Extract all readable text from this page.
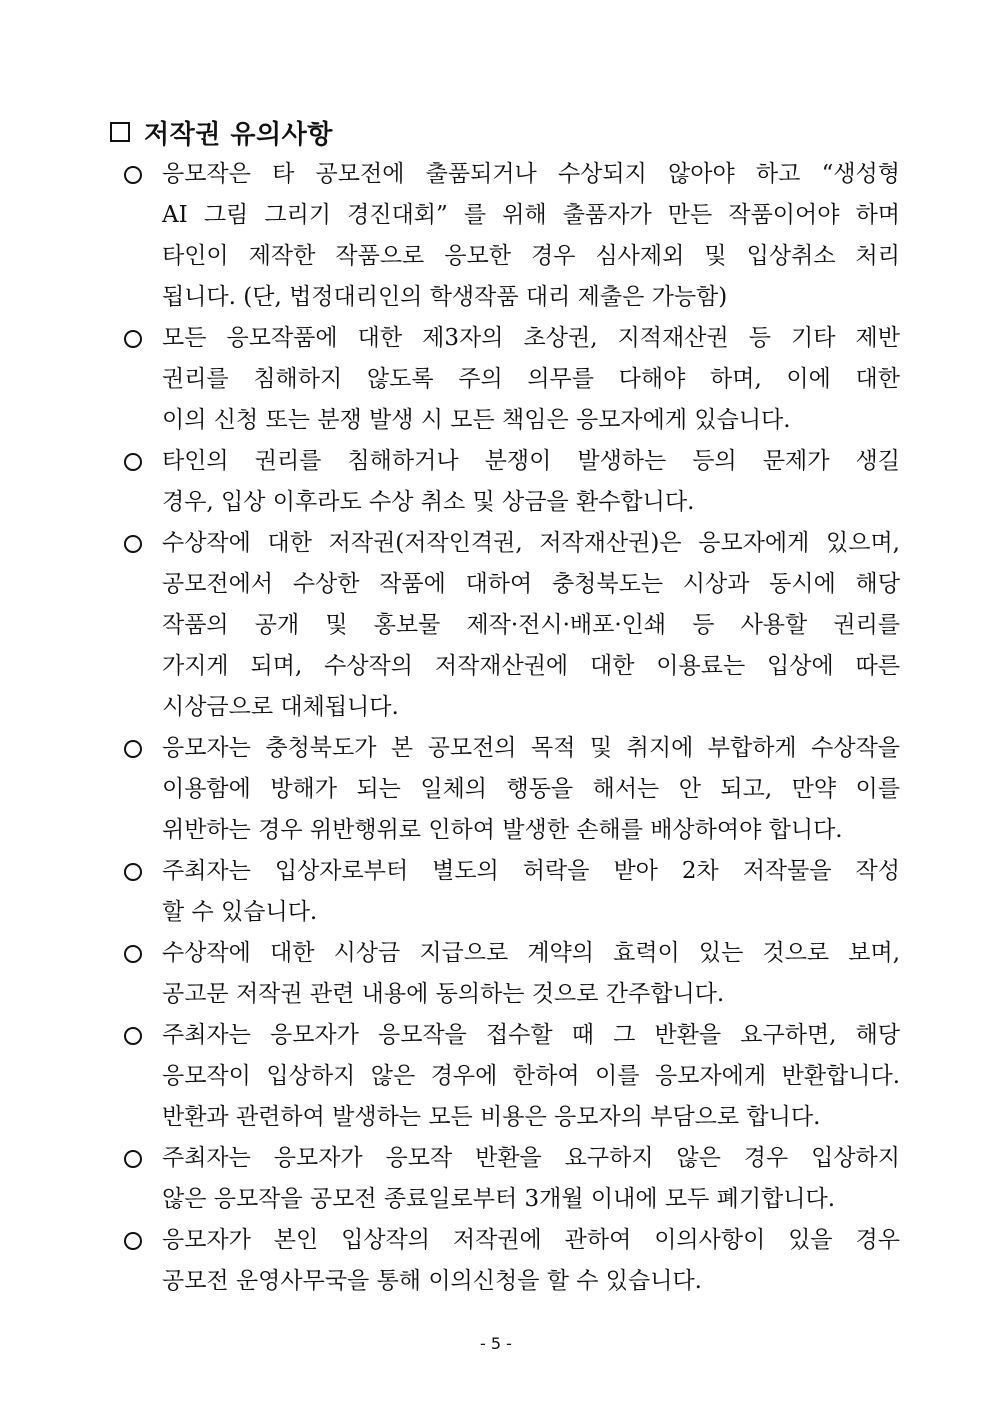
저작권 유의사항
응모작은 타 공모전에 출품되거나 수상되지 않아야 하고 “생성형
AI 그림 그리기 경진대회” 를 위해 출품자가 만든 작품이어야 하며
타인이 제작한 작품으로 응모한 경우 심사제외 및 입상취소 처리
됩니다. (단, 법정대리인의 학생작품 대리 제출은 가능함)
모든 응모작품에 대한 제3자의 초상권, 지적재산권 등 기타 제반
권리를 침해하지 않도록 주의 의무를 다해야 하며, 이에 대한
이의 신청 또는 분쟁 발생 시 모든 책임은 응모자에게 있습니다.
타인의 권리를 침해하거나 분쟁이 발생하는 등의 문제가 생길
경우, 입상 이후라도 수상 취소 및 상금을 환수합니다.
수상작에 대한 저작권(저작인격권, 저작재산권)은 응모자에게 있으며,
공모전에서 수상한 작품에 대하여 충청북도는 시상과 동시에 해당
작품의 공개 및 홍보물 제작·전시·배포·인쇄 등 사용할 권리를
가지게 되며, 수상작의 저작재산권에 대한 이용료는 입상에 따른
시상금으로 대체됩니다.
응모자는 충청북도가 본 공모전의 목적 및 취지에 부합하게 수상작을
이용함에 방해가 되는 일체의 행동을 해서는 안 되고, 만약 이를
위반하는 경우 위반행위로 인하여 발생한 손해를 배상하여야 합니다.
주최자는 입상자로부터 별도의 허락을 받아 2차 저작물을 작성
할 수 있습니다.
수상작에 대한 시상금 지급으로 계약의 효력이 있는 것으로 보며,
공고문 저작권 관련 내용에 동의하는 것으로 간주합니다.
주최자는 응모자가 응모작을 접수할 때 그 반환을 요구하면, 해당
응모작이 입상하지 않은 경우에 한하여 이를 응모자에게 반환합니다.
반환과 관련하여 발생하는 모든 비용은 응모자의 부담으로 합니다.
주최자는 응모자가 응모작 반환을 요구하지 않은 경우 입상하지
않은 응모작을 공모전 종료일로부터 3개월 이내에 모두 폐기합니다.
응모자가 본인 입상작의 저작권에 관하여 이의사항이 있을 경우
공모전 운영사무국을 통해 이의신청을 할 수 있습니다.
- 5 -
